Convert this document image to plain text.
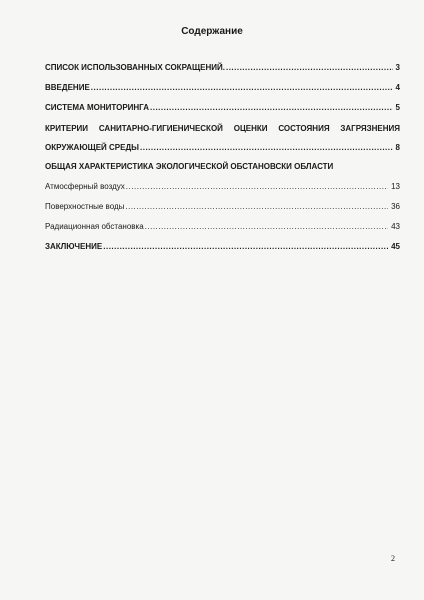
Содержание
СПИСОК ИСПОЛЬЗОВАННЫХ СОКРАЩЕНИЙ. .....	3
ВВЕДЕНИЕ .....	4
СИСТЕМА МОНИТОРИНГА .....	5
КРИТЕРИИ САНИТАРНО-ГИГИЕНИЧЕСКОЙ ОЦЕНКИ СОСТОЯНИЯ ЗАГРЯЗНЕНИЯ
ОКРУЖАЮЩЕЙ СРЕДЫ .....	8
ОБЩАЯ ХАРАКТЕРИСТИКА ЭКОЛОГИЧЕСКОЙ ОБСТАНОВСКИ ОБЛАСТИ
Атмосферный воздух .....	13
Поверхностные воды .....	36
Радиационная обстановка .....	43
ЗАКЛЮЧЕНИЕ .....	45
2
